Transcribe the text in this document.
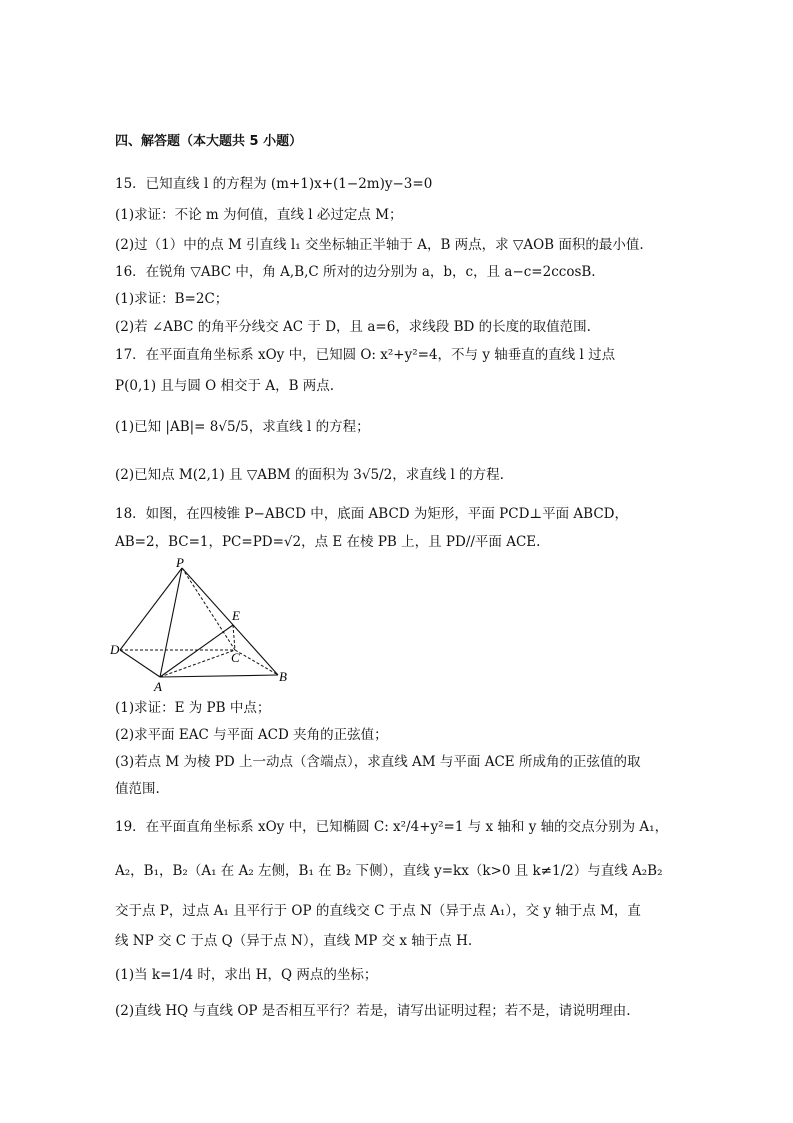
四、解答题（本大题共 5 小题）
15．已知直线 l 的方程为 (m+1)x+(1−2m)y−3=0
(1)求证：不论 m 为何值，直线 l 必过定点 M；
(2)过（1）中的点 M 引直线 l₁ 交坐标轴正半轴于 A，B 两点，求 ▽AOB 面积的最小值.
16．在锐角 ▽ABC 中，角 A,B,C 所对的边分别为 a，b，c，且 a−c=2ccosB.
(1)求证：B=2C；
(2)若 ∠ABC 的角平分线交 AC 于 D，且 a=6，求线段 BD 的长度的取值范围.
17．在平面直角坐标系 xOy 中，已知圆 O: x²+y²=4，不与 y 轴垂直的直线 l 过点
P(0,1) 且与圆 O 相交于 A，B 两点.
(1)已知 |AB|= 8√5/5，求直线 l 的方程；
(2)已知点 M(2,1) 且 ▽ABM 的面积为 3√5/2，求直线 l 的方程.
18．如图，在四棱锥 P−ABCD 中，底面 ABCD 为矩形，平面 PCD⊥平面 ABCD，
AB=2，BC=1，PC=PD=√2，点 E 在棱 PB 上，且 PD//平面 ACE.
P
E
D
C
A
B
(1)求证：E 为 PB 中点；
(2)求平面 EAC 与平面 ACD 夹角的正弦值；
(3)若点 M 为棱 PD 上一动点（含端点），求直线 AM 与平面 ACE 所成角的正弦值的取
值范围.
19．在平面直角坐标系 xOy 中，已知椭圆 C: x²/4+y²=1 与 x 轴和 y 轴的交点分别为 A₁，
A₂，B₁，B₂（A₁ 在 A₂ 左侧，B₁ 在 B₂ 下侧），直线 y=kx（k>0 且 k≠1/2）与直线 A₂B₂
交于点 P，过点 A₁ 且平行于 OP 的直线交 C 于点 N（异于点 A₁），交 y 轴于点 M，直
线 NP 交 C 于点 Q（异于点 N），直线 MP 交 x 轴于点 H.
(1)当 k=1/4 时，求出 H，Q 两点的坐标；
(2)直线 HQ 与直线 OP 是否相互平行？若是，请写出证明过程；若不是，请说明理由.
